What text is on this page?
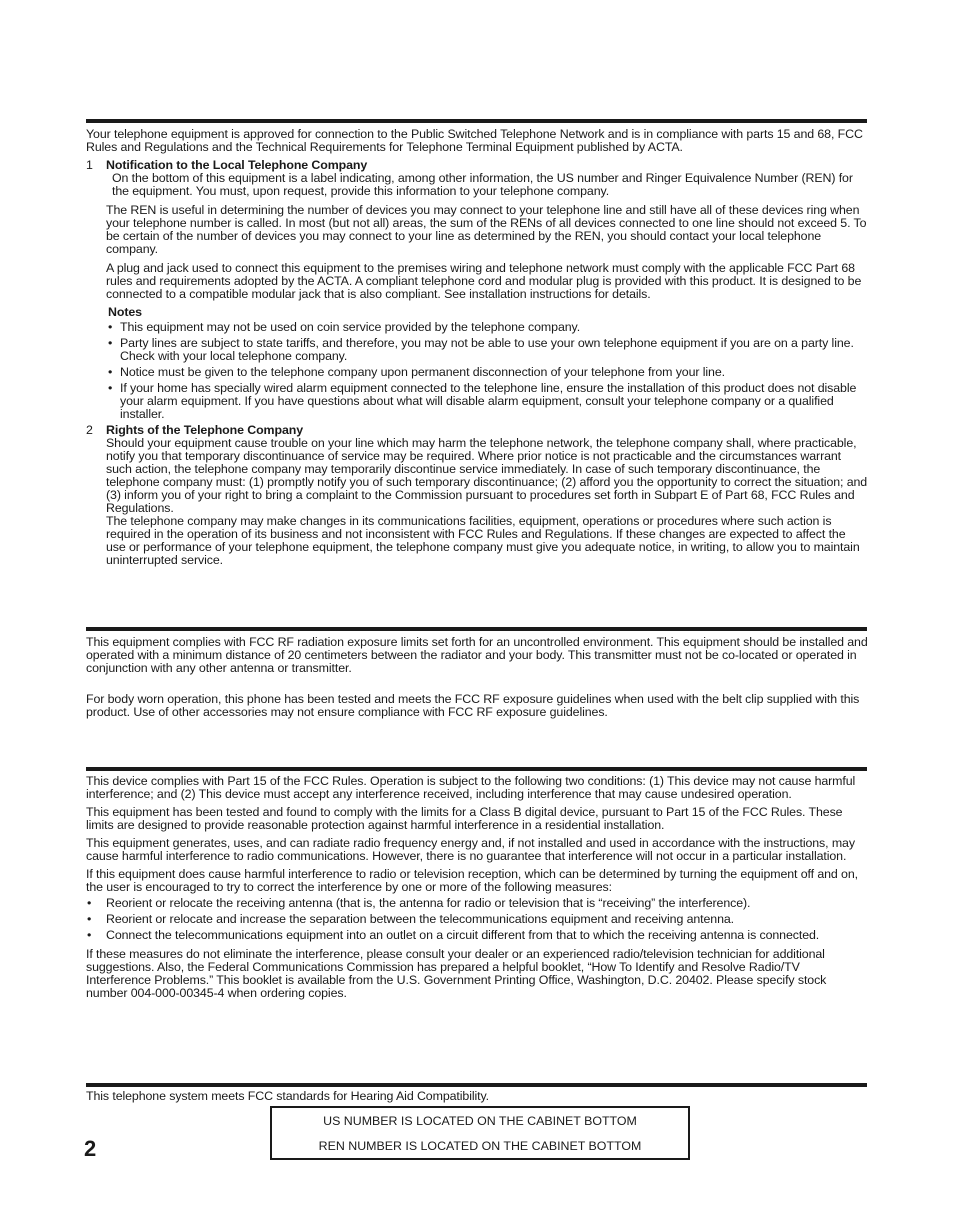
Your telephone equipment is approved for connection to the Public Switched Telephone Network and is in compliance with parts 15 and 68, FCC Rules and Regulations and the Technical Requirements for Telephone Terminal Equipment published by ACTA.

1 Notification to the Local Telephone Company

On the bottom of this equipment is a label indicating, among other information, the US number and Ringer Equivalence Number (REN) for the equipment. You must, upon request, provide this information to your telephone company.

The REN is useful in determining the number of devices you may connect to your telephone line and still have all of these devices ring when your telephone number is called. In most (but not all) areas, the sum of the RENs of all devices connected to one line should not exceed 5. To be certain of the number of devices you may connect to your line as determined by the REN, you should contact your local telephone company.

A plug and jack used to connect this equipment to the premises wiring and telephone network must comply with the applicable FCC Part 68 rules and requirements adopted by the ACTA. A compliant telephone cord and modular plug is provided with this product. It is designed to be connected to a compatible modular jack that is also compliant. See installation instructions for details.

Notes

• This equipment may not be used on coin service provided by the telephone company.
• Party lines are subject to state tariffs, and therefore, you may not be able to use your own telephone equipment if you are on a party line. Check with your local telephone company.
• Notice must be given to the telephone company upon permanent disconnection of your telephone from your line.
• If your home has specially wired alarm equipment connected to the telephone line, ensure the installation of this product does not disable your alarm equipment. If you have questions about what will disable alarm equipment, consult your telephone company or a qualified installer.
2 Rights of the Telephone Company

Should your equipment cause trouble on your line which may harm the telephone network, the telephone company shall, where practicable, notify you that temporary discontinuance of service may be required. Where prior notice is not practicable and the circumstances warrant such action, the telephone company may temporarily discontinue service immediately. In case of such temporary discontinuance, the telephone company must: (1) promptly notify you of such temporary discontinuance; (2) afford you the opportunity to correct the situation; and (3) inform you of your right to bring a complaint to the Commission pursuant to procedures set forth in Subpart E of Part 68, FCC Rules and Regulations.

The telephone company may make changes in its communications facilities, equipment, operations or procedures where such action is required in the operation of its business and not inconsistent with FCC Rules and Regulations. If these changes are expected to affect the use or performance of your telephone equipment, the telephone company must give you adequate notice, in writing, to allow you to maintain uninterrupted service.

This equipment complies with FCC RF radiation exposure limits set forth for an uncontrolled environment. This equipment should be installed and operated with a minimum distance of 20 centimeters between the radiator and your body. This transmitter must not be co-located or operated in conjunction with any other antenna or transmitter.

For body worn operation, this phone has been tested and meets the FCC RF exposure guidelines when used with the belt clip supplied with this product. Use of other accessories may not ensure compliance with FCC RF exposure guidelines.

This device complies with Part 15 of the FCC Rules. Operation is subject to the following two conditions: (1) This device may not cause harmful interference; and (2) This device must accept any interference received, including interference that may cause undesired operation.

This equipment has been tested and found to comply with the limits for a Class B digital device, pursuant to Part 15 of the FCC Rules. These limits are designed to provide reasonable protection against harmful interference in a residential installation.

This equipment generates, uses, and can radiate radio frequency energy and, if not installed and used in accordance with the instructions, may cause harmful interference to radio communications. However, there is no guarantee that interference will not occur in a particular installation.

If this equipment does cause harmful interference to radio or television reception, which can be determined by turning the equipment off and on, the user is encouraged to try to correct the interference by one or more of the following measures:

• Reorient or relocate the receiving antenna (that is, the antenna for radio or television that is “receiving” the interference).
• Reorient or relocate and increase the separation between the telecommunications equipment and receiving antenna.
• Connect the telecommunications equipment into an outlet on a circuit different from that to which the receiving antenna is connected.

If these measures do not eliminate the interference, please consult your dealer or an experienced radio/television technician for additional suggestions. Also, the Federal Communications Commission has prepared a helpful booklet, “How To Identify and Resolve Radio/TV Interference Problems.” This booklet is available from the U.S. Government Printing Office, Washington, D.C. 20402. Please specify stock number 004-000-00345-4 when ordering copies.

This telephone system meets FCC standards for Hearing Aid Compatibility.

2
US NUMBER IS LOCATED ON THE CABINET BOTTOM
REN NUMBER IS LOCATED ON THE CABINET BOTTOM
